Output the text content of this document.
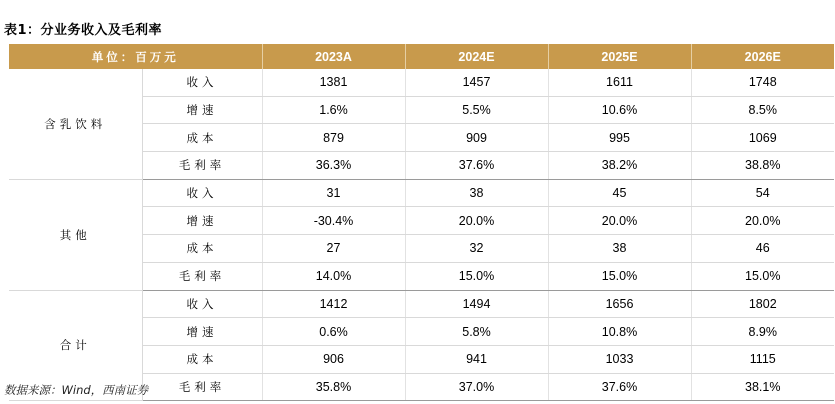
表1：分业务收入及毛利率
单位：百万元		2023A	2024E	2025E	2026E
含乳饮料	收入	1381	1457	1611	1748
	增速	1.6%	5.5%	10.6%	8.5%
	成本	879	909	995	1069
	毛利率	36.3%	37.6%	38.2%	38.8%
其他	收入	31	38	45	54
	增速	-30.4%	20.0%	20.0%	20.0%
	成本	27	32	38	46
	毛利率	14.0%	15.0%	15.0%	15.0%
合计	收入	1412	1494	1656	1802
	增速	0.6%	5.8%	10.8%	8.9%
	成本	906	941	1033	1115
	毛利率	35.8%	37.0%	37.6%	38.1%
数据来源：Wind，西南证券
